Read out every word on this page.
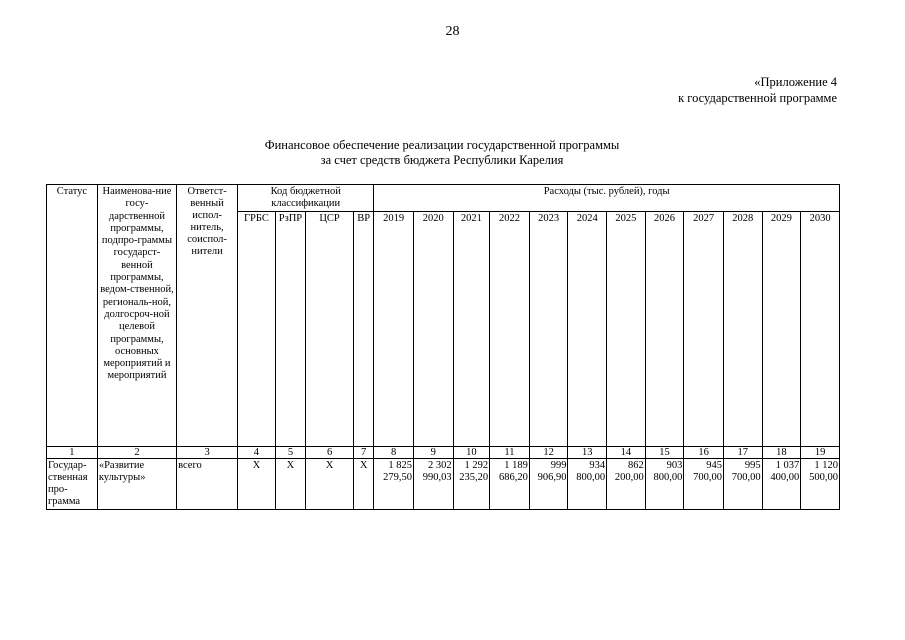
28
«Приложение 4
к государственной программе
Финансовое обеспечение реализации государственной программы
за счет средств бюджета Республики Карелия
Статус	Наименова-ние госу-дарственной программы, подпро-граммы государст-венной программы, ведом-ственной, региональ-ной, долгосроч-ной целевой программы, основных мероприятий и мероприятий	Ответст-венный испол-нитель, соиспол-нители	Код бюджетной классификации				Расходы (тыс. рублей), годы											
			ГРБС	РзПР	ЦСР	ВР	2019	2020	2021	2022	2023	2024	2025	2026	2027	2028	2029	2030
1	2	3	4	5	6	7	8	9	10	11	12	13	14	15	16	17	18	19
Государ-ственная про-грамма	«Развитие культуры»	всего	Х	Х	Х	Х	1 825 279,50	2 302 990,03	1 292 235,20	1 189 686,20	999 906,90	934 800,00	862 200,00	903 800,00	945 700,00	995 700,00	1 037 400,00	1 120 500,00
